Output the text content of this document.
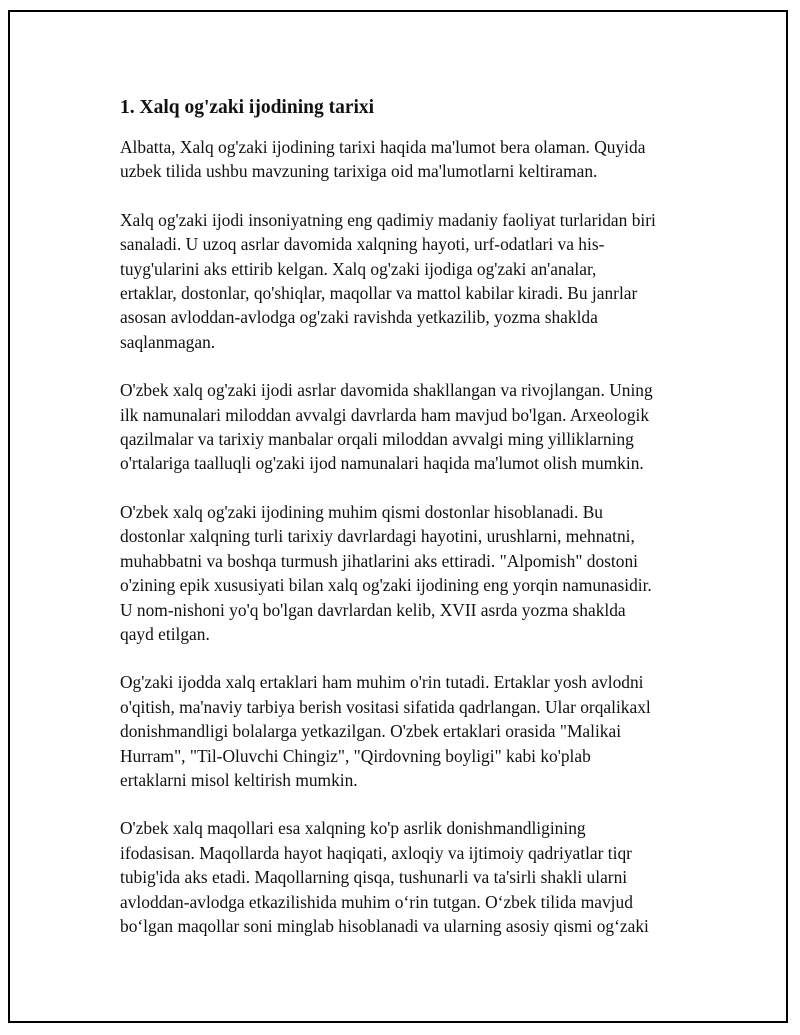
1. Xalq og'zaki ijodining tarixi

Albatta, Xalq og'zaki ijodining tarixi haqida ma'lumot bera olaman. Quyida
uzbek tilida ushbu mavzuning tarixiga oid ma'lumotlarni keltiraman.

Xalq og'zaki ijodi insoniyatning eng qadimiy madaniy faoliyat turlaridan biri
sanaladi. U uzoq asrlar davomida xalqning hayoti, urf-odatlari va his-
tuyg'ularini aks ettirib kelgan. Xalq og'zaki ijodiga og'zaki an'analar,
ertaklar, dostonlar, qo'shiqlar, maqollar va mattol kabilar kiradi. Bu janrlar
asosan avloddan-avlodga og'zaki ravishda yetkazilib, yozma shaklda
saqlanmagan.

O'zbek xalq og'zaki ijodi asrlar davomida shakllangan va rivojlangan. Uning
ilk namunalari miloddan avvalgi davrlarda ham mavjud bo'lgan. Arxeologik
qazilmalar va tarixiy manbalar orqali miloddan avvalgi ming yilliklarning
o'rtalariga taalluqli og'zaki ijod namunalari haqida ma'lumot olish mumkin.

O'zbek xalq og'zaki ijodining muhim qismi dostonlar hisoblanadi. Bu
dostonlar xalqning turli tarixiy davrlardagi hayotini, urushlarni, mehnatni,
muhabbatni va boshqa turmush jihatlarini aks ettiradi. "Alpomish" dostoni
o'zining epik xususiyati bilan xalq og'zaki ijodining eng yorqin namunasidir.
U nom-nishoni yo'q bo'lgan davrlardan kelib, XVII asrda yozma shaklda
qayd etilgan.

Og'zaki ijodda xalq ertaklari ham muhim o'rin tutadi. Ertaklar yosh avlodni
o'qitish, ma'naviy tarbiya berish vositasi sifatida qadrlangan. Ular orqalikaxl
donishmandligi bolalarga yetkazilgan. O'zbek ertaklari orasida "Malikai
Hurram", "Til-Oluvchi Chingiz", "Qirdovning boyligi" kabi ko'plab
ertaklarni misol keltirish mumkin.

O'zbek xalq maqollari esa xalqning ko'p asrlik donishmandligining
ifodasisan. Maqollarda hayot haqiqati, axloqiy va ijtimoiy qadriyatlar tiqr
tubig'ida aks etadi. Maqollarning qisqa, tushunarli va ta'sirli shakli ularni
avloddan-avlodga etkazilishida muhim o‘rin tutgan. O‘zbek tilida mavjud
bo‘lgan maqollar soni minglab hisoblanadi va ularning asosiy qismi og‘zaki
